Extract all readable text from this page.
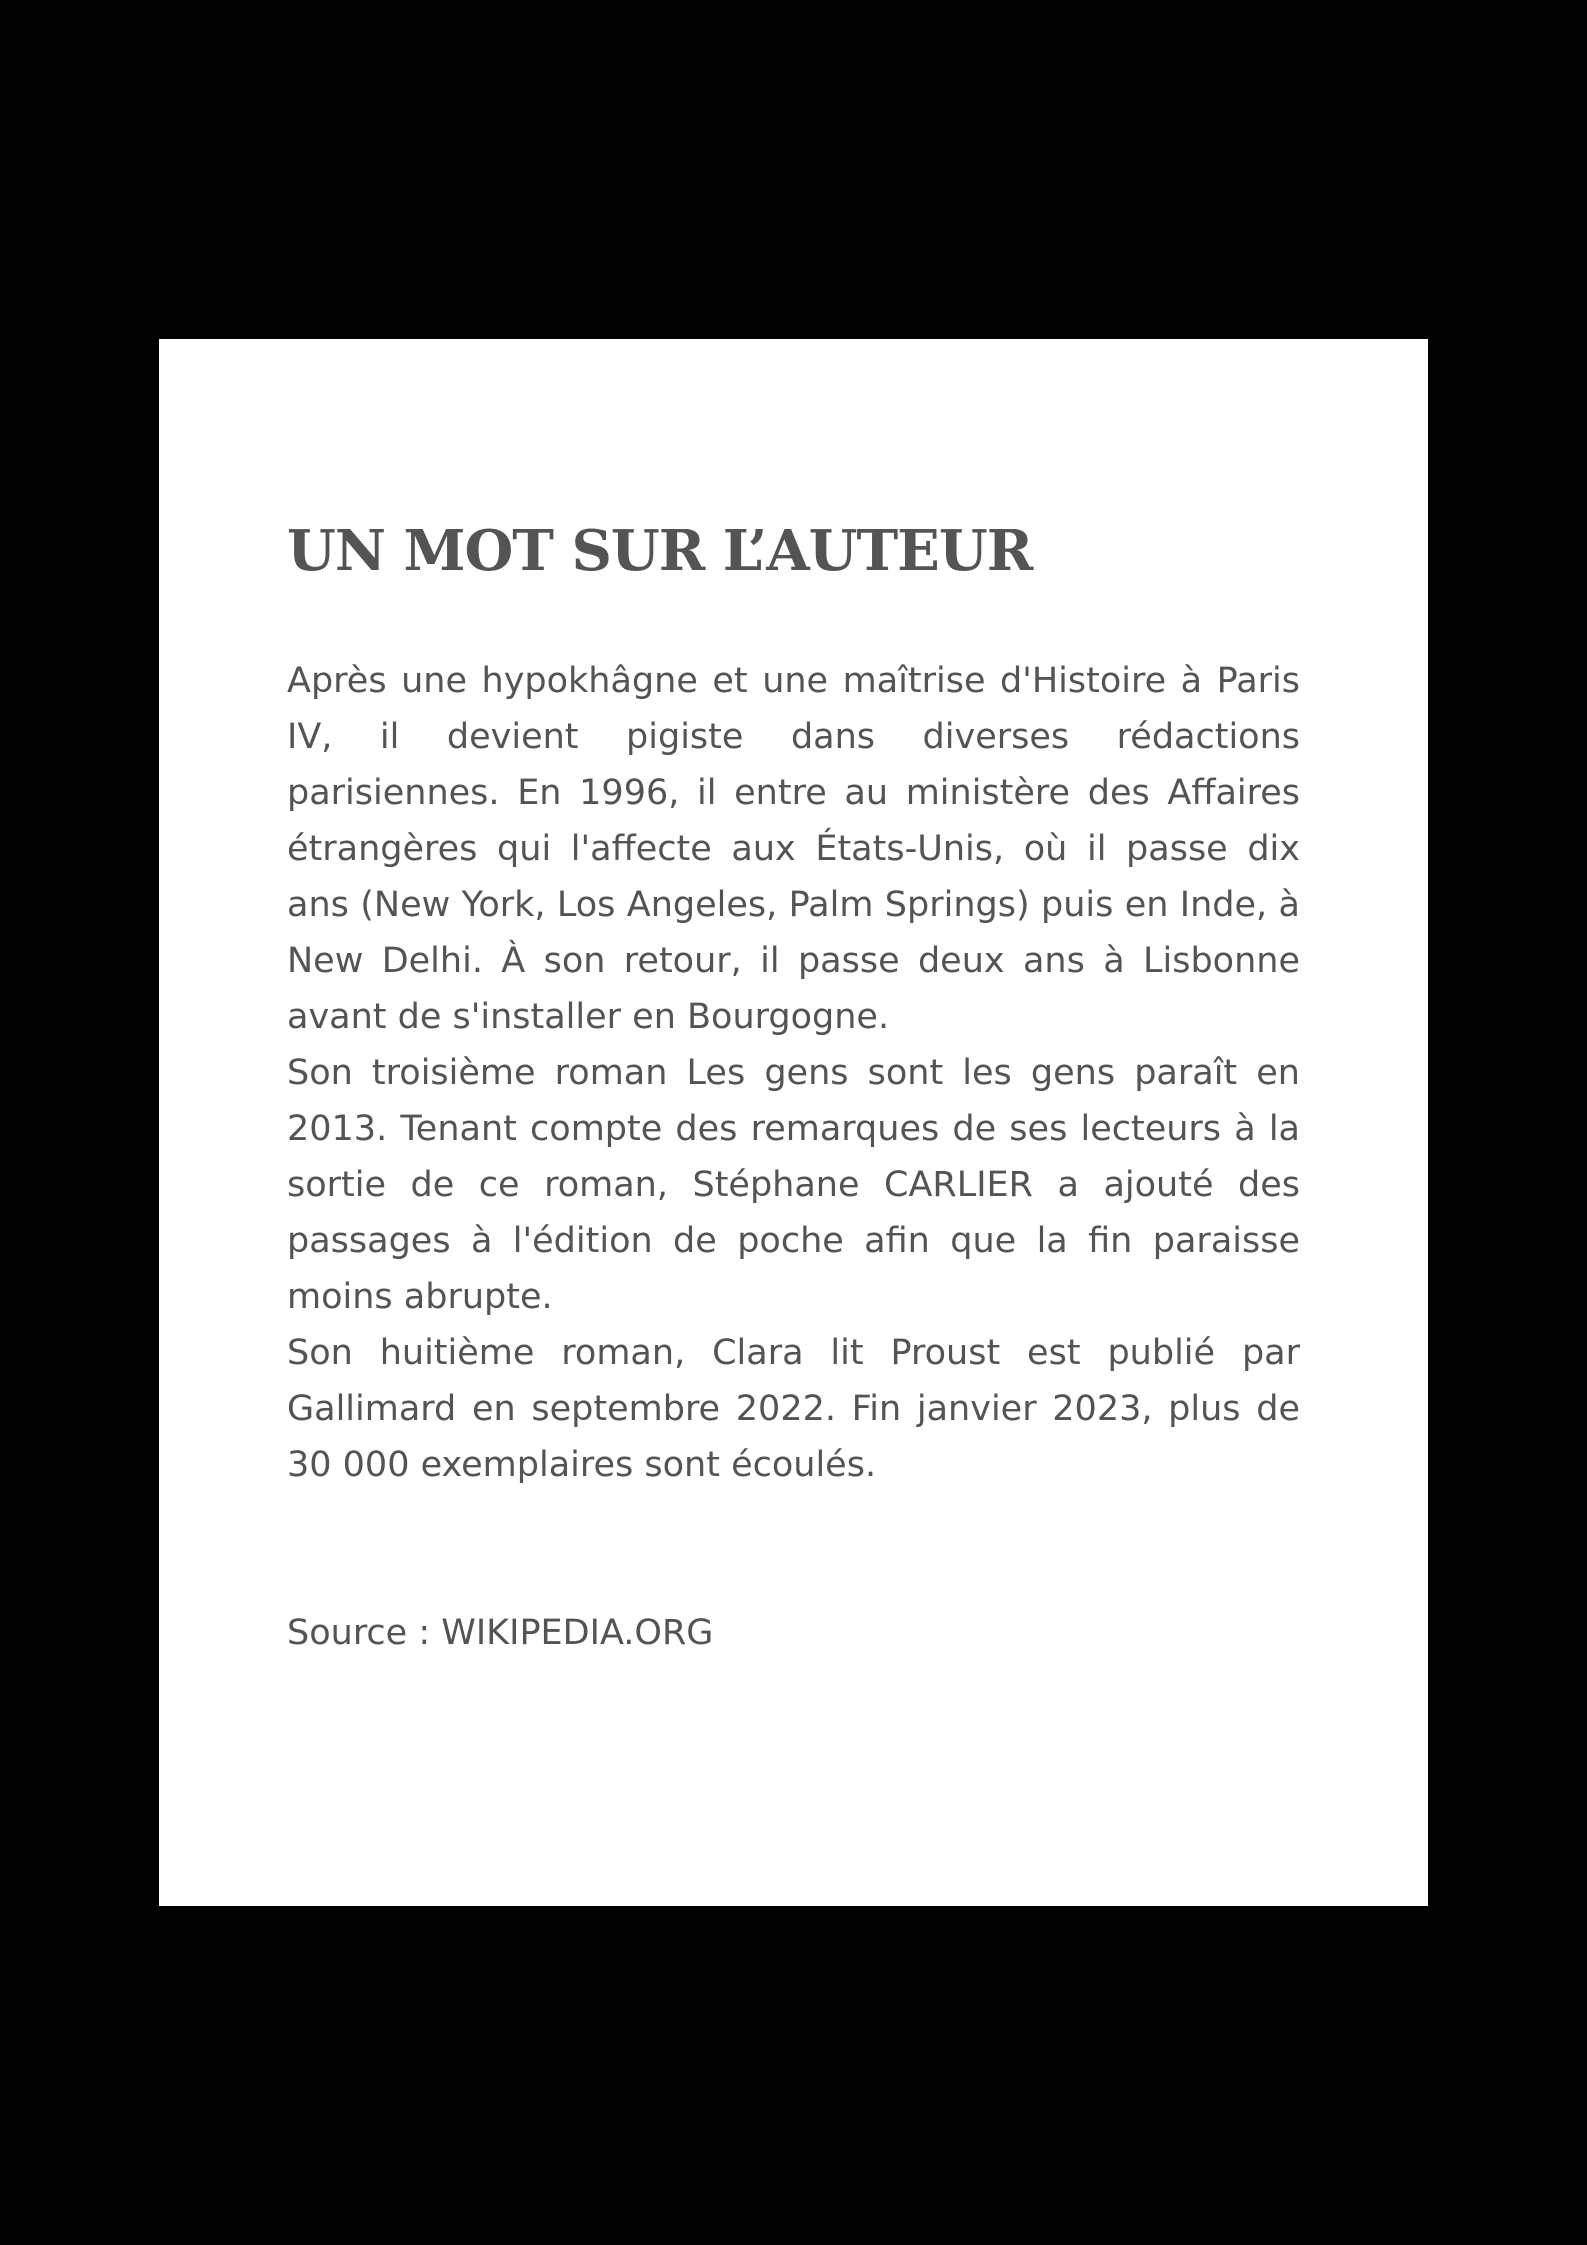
UN MOT SUR L’AUTEUR

Après une hypokhâgne et une maîtrise d'Histoire à Paris IV, il devient pigiste dans diverses rédactions parisiennes. En 1996, il entre au ministère des Affaires étrangères qui l'affecte aux États-Unis, où il passe dix ans (New York, Los Angeles, Palm Springs) puis en Inde, à New Delhi. À son retour, il passe deux ans à Lisbonne avant de s'installer en Bourgogne.

Son troisième roman Les gens sont les gens paraît en 2013. Tenant compte des remarques de ses lecteurs à la sortie de ce roman, Stéphane CARLIER a ajouté des passages à l'édition de poche afin que la fin paraisse moins abrupte.

Son huitième roman, Clara lit Proust est publié par Gallimard en septembre 2022. Fin janvier 2023, plus de 30 000 exemplaires sont écoulés.

Source : WIKIPEDIA.ORG
